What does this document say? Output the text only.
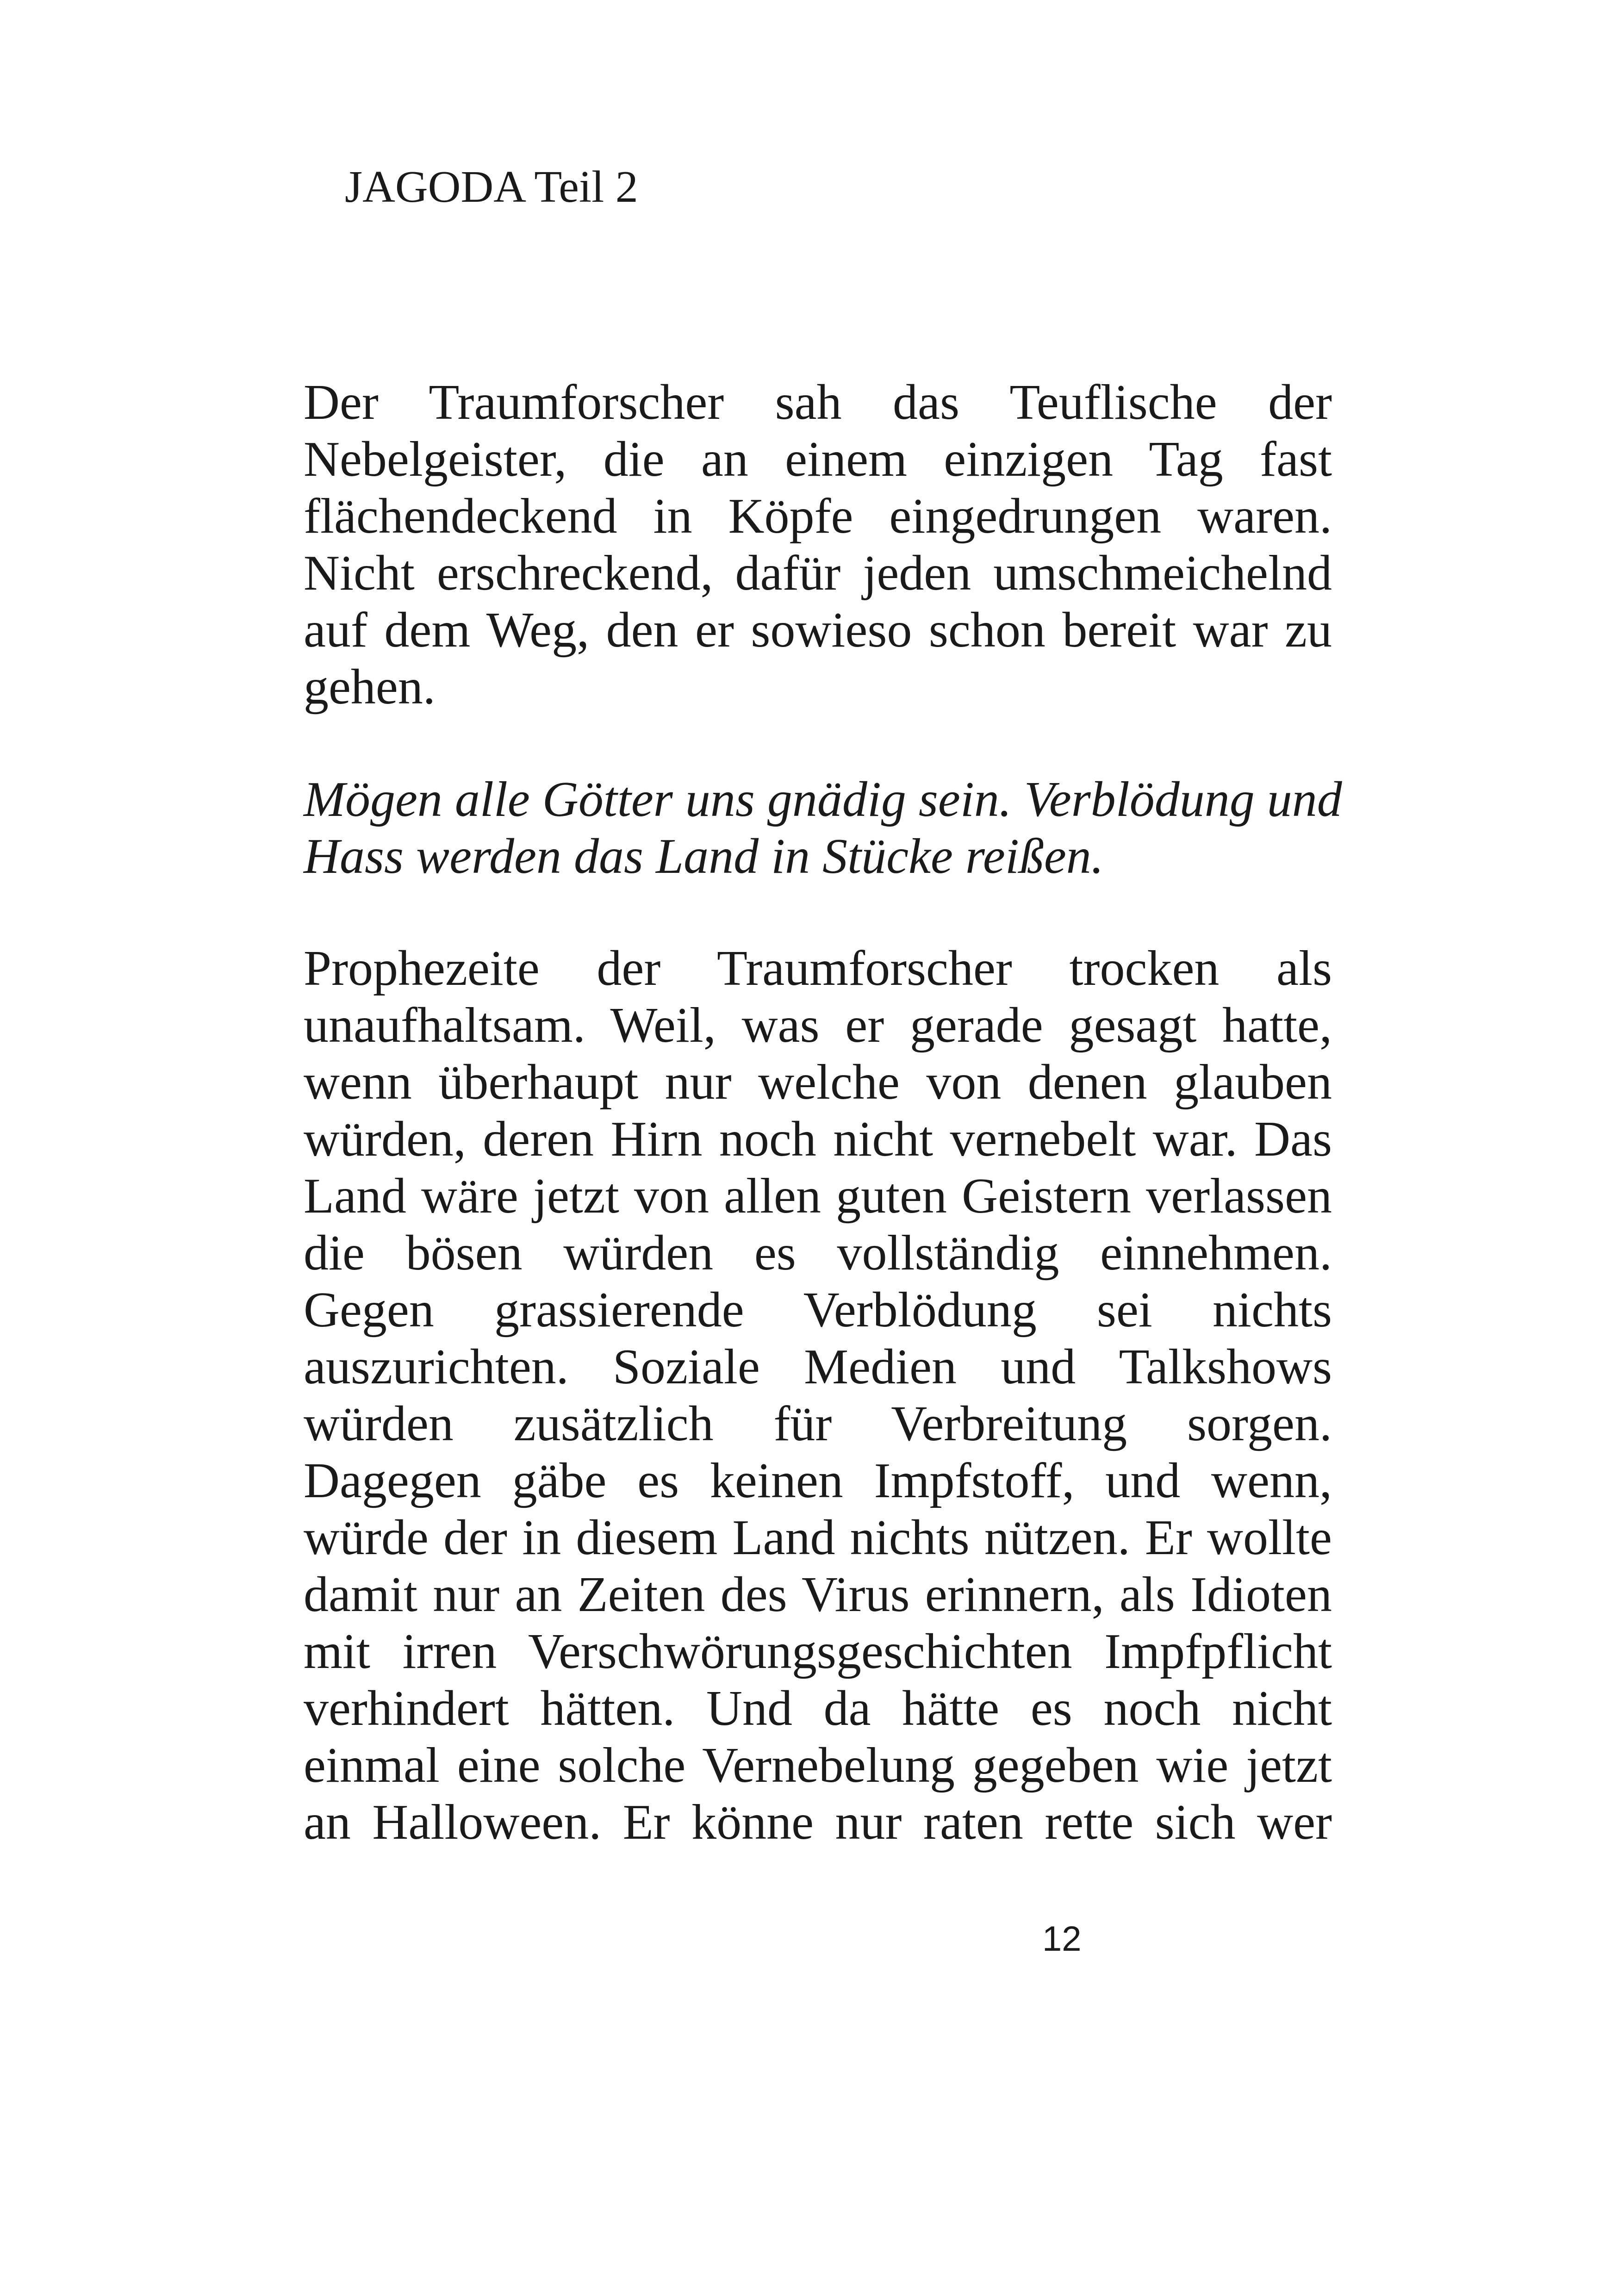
JAGODA Teil 2
Der Traumforscher sah das Teuflische der
Nebelgeister, die an einem einzigen Tag fast
flächendeckend in Köpfe eingedrungen waren.
Nicht erschreckend, dafür jeden umschmeichelnd
auf dem Weg, den er sowieso schon bereit war zu
gehen.
Mögen alle Götter uns gnädig sein. Verblödung und
Hass werden das Land in Stücke reißen.
Prophezeite der Traumforscher trocken als
unaufhaltsam. Weil, was er gerade gesagt hatte,
wenn überhaupt nur welche von denen glauben
würden, deren Hirn noch nicht vernebelt war. Das
Land wäre jetzt von allen guten Geistern verlassen
die bösen würden es vollständig einnehmen.
Gegen grassierende Verblödung sei nichts
auszurichten. Soziale Medien und Talkshows
würden zusätzlich für Verbreitung sorgen.
Dagegen gäbe es keinen Impfstoff, und wenn,
würde der in diesem Land nichts nützen. Er wollte
damit nur an Zeiten des Virus erinnern, als Idioten
mit irren Verschwörungsgeschichten Impfpflicht
verhindert hätten. Und da hätte es noch nicht
einmal eine solche Vernebelung gegeben wie jetzt
an Halloween. Er könne nur raten rette sich wer
12
